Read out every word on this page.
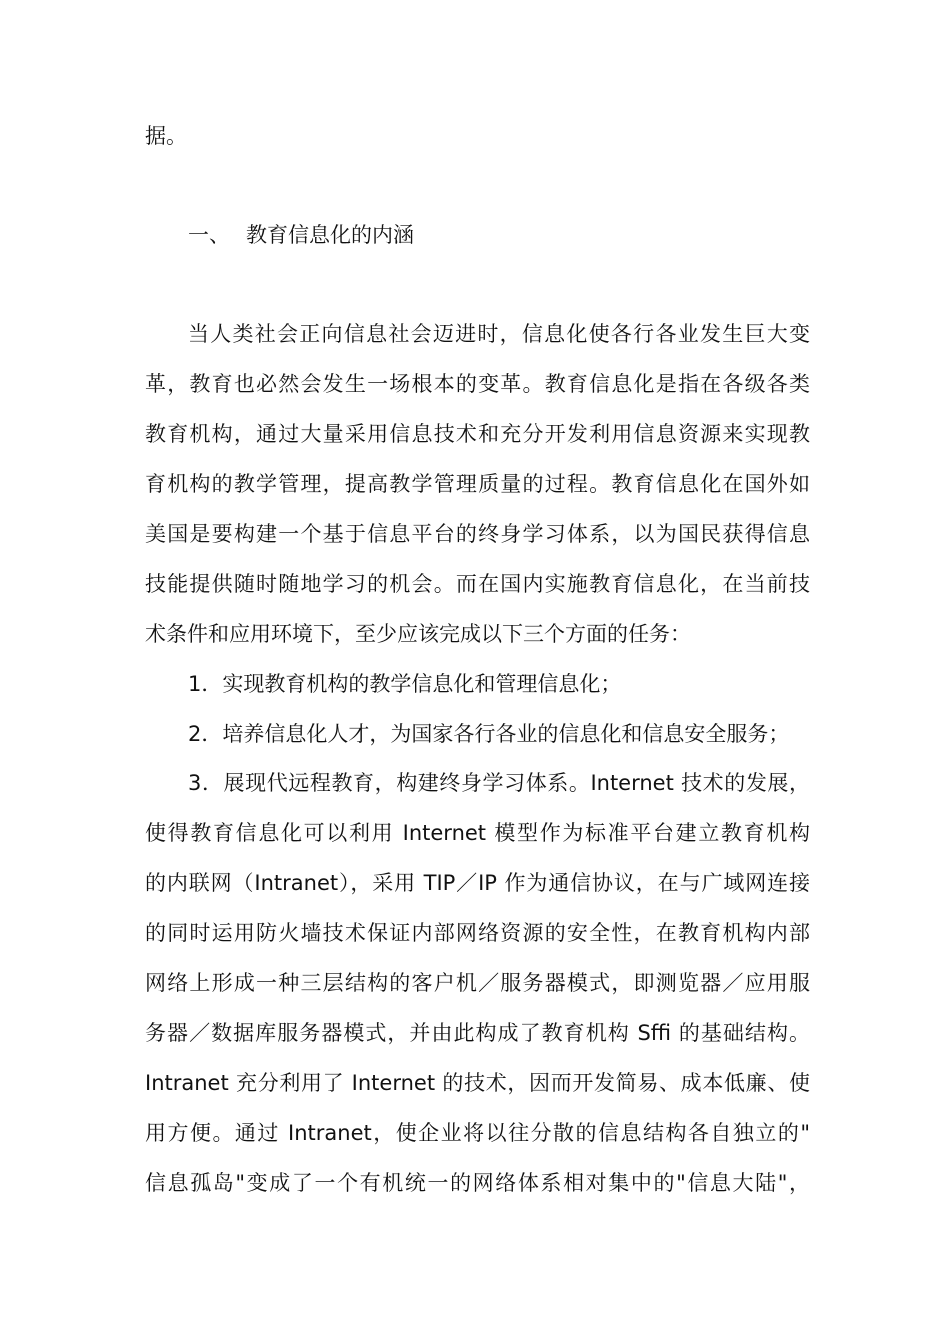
据。
一、 教育信息化的内涵
当人类社会正向信息社会迈进时，信息化使各行各业发生巨大变
革，教育也必然会发生一场根本的变革。教育信息化是指在各级各类
教育机构，通过大量采用信息技术和充分开发利用信息资源来实现教
育机构的教学管理，提高教学管理质量的过程。教育信息化在国外如
美国是要构建一个基于信息平台的终身学习体系，以为国民获得信息
技能提供随时随地学习的机会。而在国内实施教育信息化，在当前技
术条件和应用环境下，至少应该完成以下三个方面的任务：
1．实现教育机构的教学信息化和管理信息化；
2．培养信息化人才，为国家各行各业的信息化和信息安全服务；
3．展现代远程教育，构建终身学习体系。Internet 技术的发展，
使得教育信息化可以利用 Internet 模型作为标准平台建立教育机构
的内联网（Intranet），采用 TIP／IP 作为通信协议，在与广域网连接
的同时运用防火墙技术保证内部网络资源的安全性，在教育机构内部
网络上形成一种三层结构的客户机／服务器模式，即测览器／应用服
务器／数据库服务器模式，并由此构成了教育机构 Sffi 的基础结构。
Intranet 充分利用了 Internet 的技术，因而开发简易、成本低廉、使
用方便。通过 Intranet，使企业将以往分散的信息结构各自独立的"
信息孤岛"变成了一个有机统一的网络体系相对集中的"信息大陆"，
